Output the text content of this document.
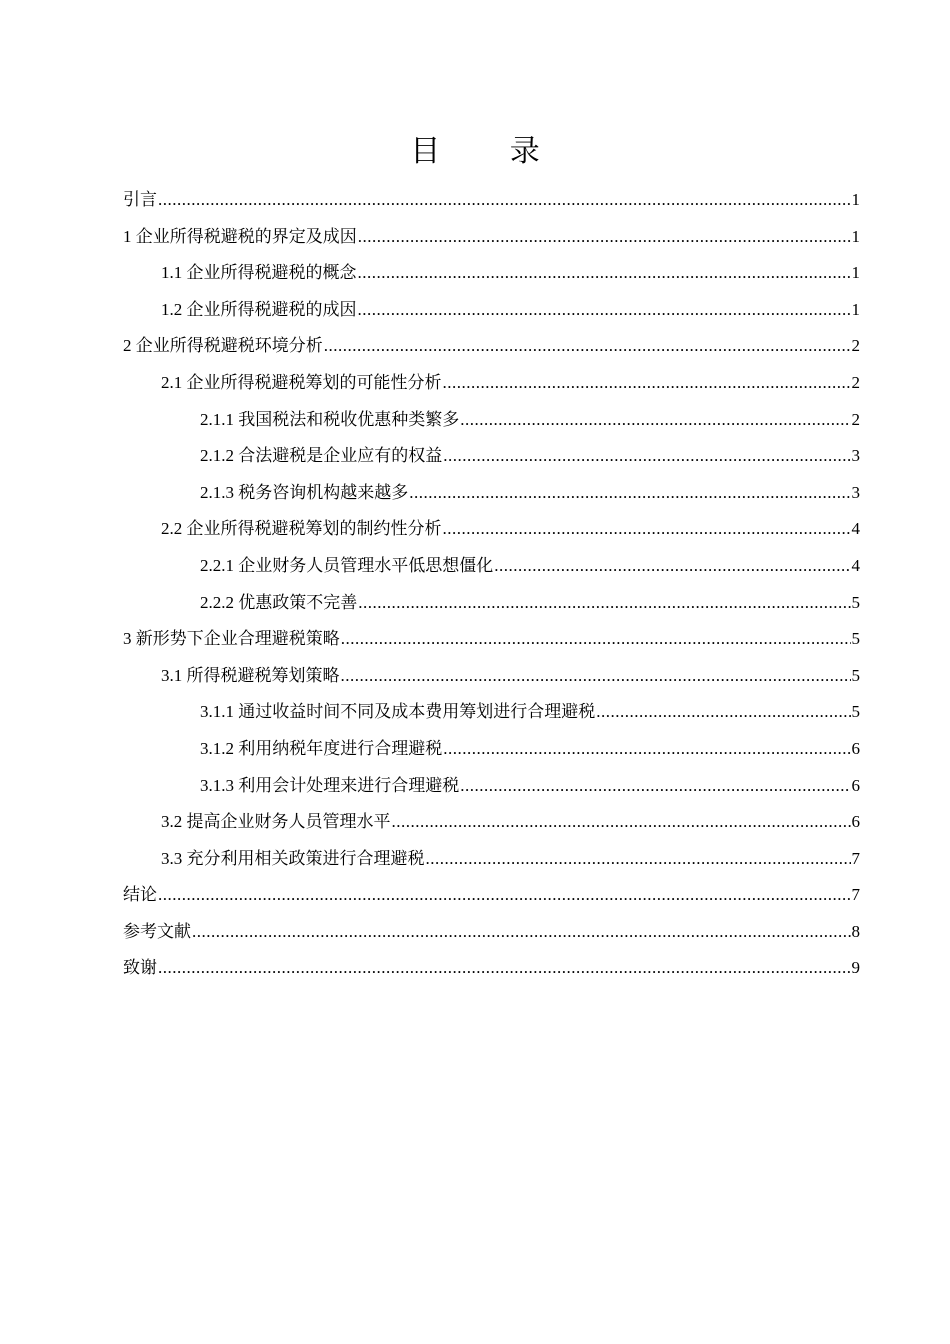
目 录
引言 .....	1
1 企业所得税避税的界定及成因 .....	1
1.1 企业所得税避税的概念 .....	1
1.2 企业所得税避税的成因 .....	1
2 企业所得税避税环境分析 .....	2
2.1 企业所得税避税筹划的可能性分析 .....	2
2.1.1 我国税法和税收优惠种类繁多 .....	2
2.1.2 合法避税是企业应有的权益 .....	3
2.1.3 税务咨询机构越来越多 .....	3
2.2 企业所得税避税筹划的制约性分析 .....	4
2.2.1 企业财务人员管理水平低思想僵化 .....	4
2.2.2 优惠政策不完善 .....	5
3 新形势下企业合理避税策略 .....	5
3.1 所得税避税筹划策略 .....	5
3.1.1 通过收益时间不同及成本费用筹划进行合理避税 .....	5
3.1.2 利用纳税年度进行合理避税 .....	6
3.1.3 利用会计处理来进行合理避税 .....	6
3.2 提高企业财务人员管理水平 .....	6
3.3 充分利用相关政策进行合理避税 .....	7
结论 .....	7
参考文献 .....	8
致谢 .....	9
